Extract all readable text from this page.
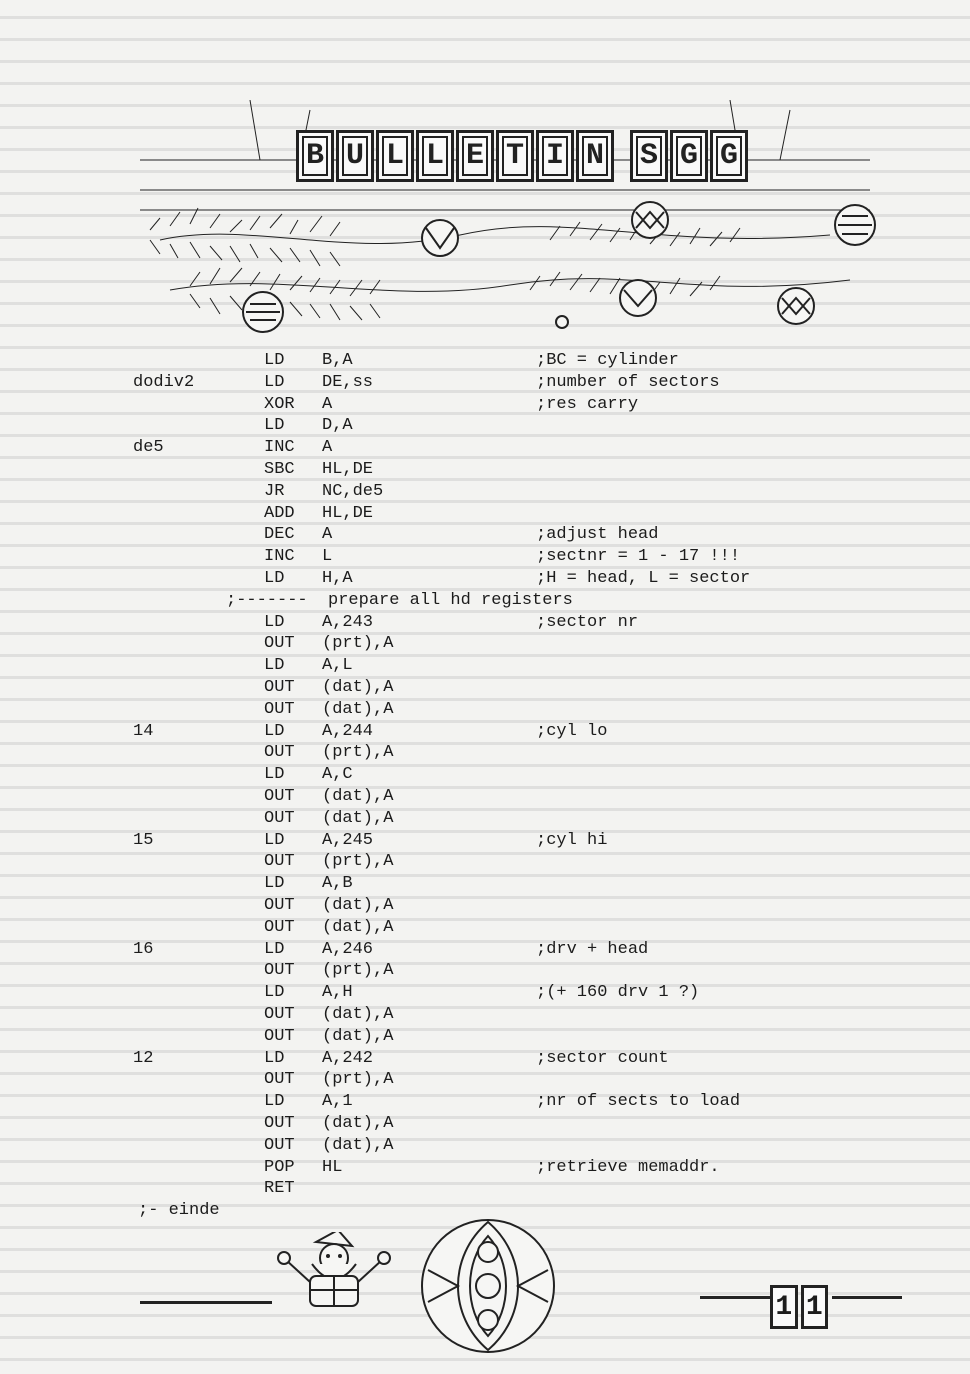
B U L L E T I N	S G G
LD B,A	;BC = cylinder
dodiv2	LD DE,ss	;number of sectors
XOR A	;res carry
LD D,A
de5	INC A
SBC HL,DE
JR NC,de5
ADD HL,DE
DEC A	;adjust head
INC L	;sectnr = 1 - 17 !!!
LD H,A	;H = head, L = sector
;-------  prepare all hd registers
LD A,243	;sector nr
OUT (prt),A
LD A,L
OUT (dat),A
OUT (dat),A
14	LD A,244	;cyl lo
OUT (prt),A
LD A,C
OUT (dat),A
OUT (dat),A
15	LD A,245	;cyl hi
OUT (prt),A
LD A,B
OUT (dat),A
OUT (dat),A
16	LD A,246	;drv + head
OUT (prt),A
LD A,H	;(+ 160 drv 1 ?)
OUT (dat),A
OUT (dat),A
12	LD A,242	;sector count
OUT (prt),A
LD A,1	;nr of sects to load
OUT (dat),A
OUT (dat),A
POP HL	;retrieve memaddr.
RET
;- einde
1 1
